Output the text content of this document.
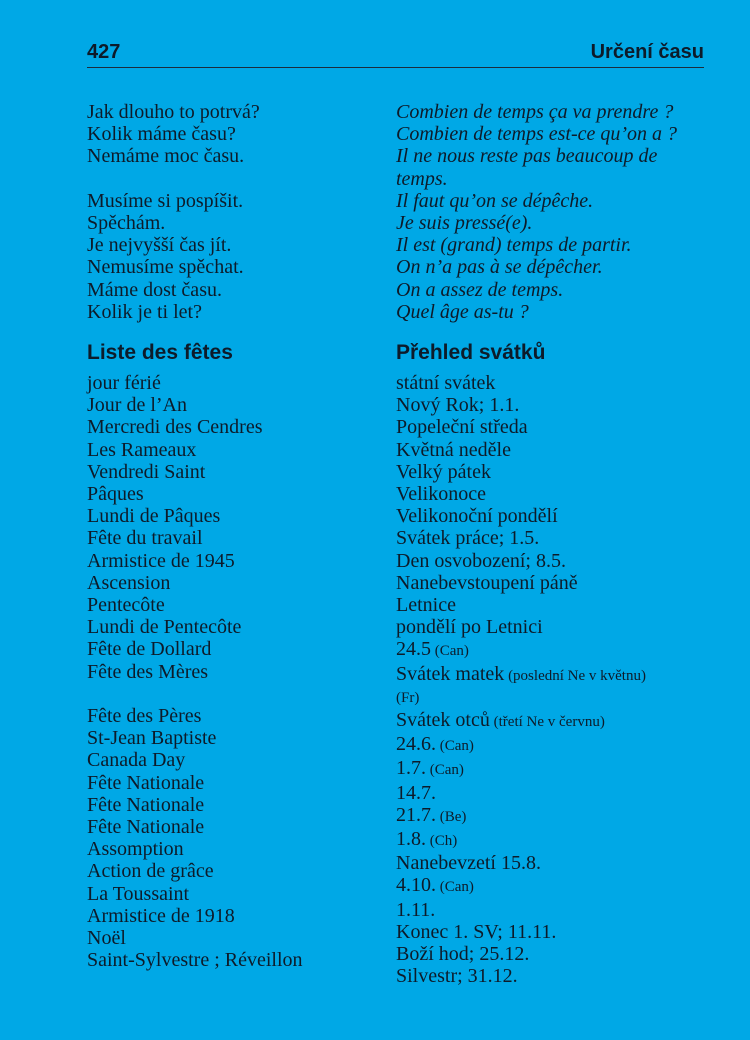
427	Určení času
Jak dlouho to potrvá?
Kolik máme času?
Nemáme moc času.
Musíme si pospíšit.
Spěchám.
Je nejvyšší čas jít.
Nemusíme spěchat.
Máme dost času.
Kolik je ti let?
Combien de temps ça va prendre ?
Combien de temps est-ce qu’on a ?
Il ne nous reste pas beaucoup de
temps.
Il faut qu’on se dépêche.
Je suis pressé(e).
Il est (grand) temps de partir.
On n’a pas à se dépêcher.
On a assez de temps.
Quel âge as-tu ?
Liste des fêtes	Přehled svátků
jour férié
Jour de l’An
Mercredi des Cendres
Les Rameaux
Vendredi Saint
Pâques
Lundi de Pâques
Fête du travail
Armistice de 1945
Ascension
Pentecôte
Lundi de Pentecôte
Fête de Dollard
Fête des Mères
Fête des Pères
St-Jean Baptiste
Canada Day
Fête Nationale
Fête Nationale
Fête Nationale
Assomption
Action de grâce
La Toussaint
Armistice de 1918
Noël
Saint-Sylvestre ; Réveillon
státní svátek
Nový Rok; 1.1.
Popeleční středa
Květná neděle
Velký pátek
Velikonoce
Velikonoční pondělí
Svátek práce; 1.5.
Den osvobození; 8.5.
Nanebevstoupení páně
Letnice
pondělí po Letnici
24.5 (Can)
Svátek matek (poslední Ne v květnu)
(Fr)
Svátek otců (třetí Ne v červnu)
24.6. (Can)
1.7. (Can)
14.7.
21.7. (Be)
1.8. (Ch)
Nanebevzetí 15.8.
4.10. (Can)
1.11.
Konec 1. SV; 11.11.
Boží hod; 25.12.
Silvestr; 31.12.
